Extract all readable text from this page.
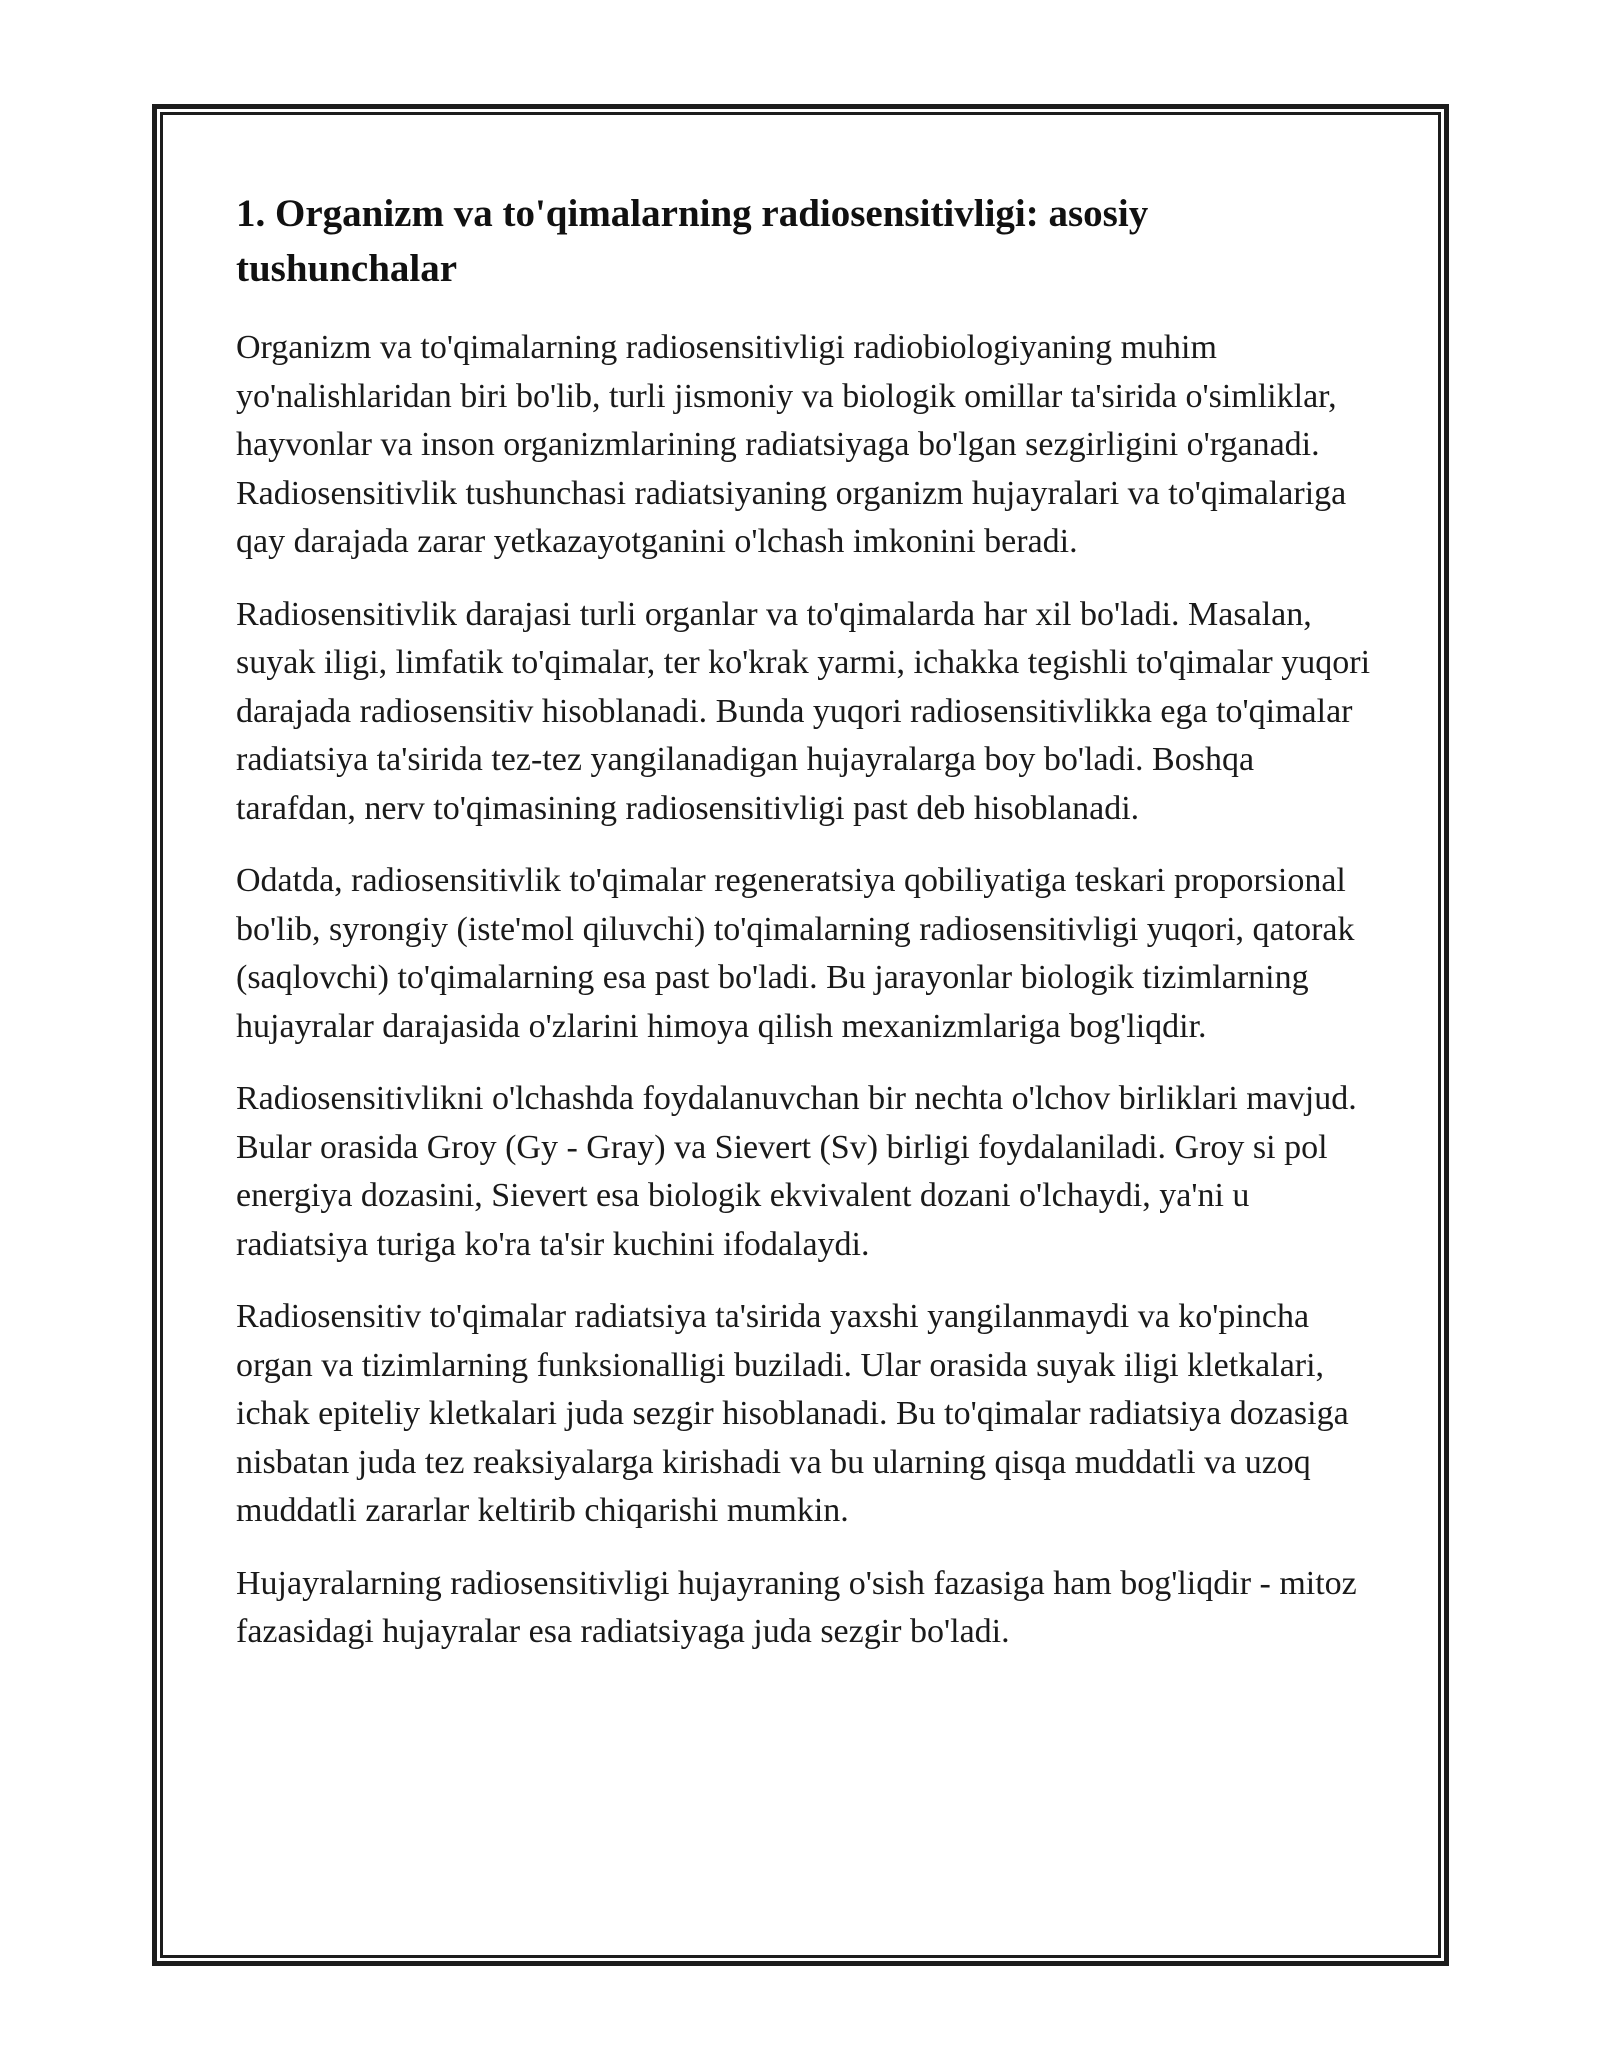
1. Organizm va to'qimalarning radiosensitivligi: asosiy tushunchalar

Organizm va to'qimalarning radiosensitivligi radiobiologiyaning muhim yo'nalishlaridan biri bo'lib, turli jismoniy va biologik omillar ta'sirida o'simliklar, hayvonlar va inson organizmlarining radiatsiyaga bo'lgan sezgirligini o'rganadi. Radiosensitivlik tushunchasi radiatsiyaning organizm hujayralari va to'qimalariga qay darajada zarar yetkazayotganini o'lchash imkonini beradi.

Radiosensitivlik darajasi turli organlar va to'qimalarda har xil bo'ladi. Masalan, suyak iligi, limfatik to'qimalar, ter ko'krak yarmi, ichakka tegishli to'qimalar yuqori darajada radiosensitiv hisoblanadi. Bunda yuqori radiosensitivlikka ega to'qimalar radiatsiya ta'sirida tez-tez yangilanadigan hujayralarga boy bo'ladi. Boshqa tarafdan, nerv to'qimasining radiosensitivligi past deb hisoblanadi.

Odatda, radiosensitivlik to'qimalar regeneratsiya qobiliyatiga teskari proporsional bo'lib, syrongiy (iste'mol qiluvchi) to'qimalarning radiosensitivligi yuqori, qatorak (saqlovchi) to'qimalarning esa past bo'ladi. Bu jarayonlar biologik tizimlarning hujayralar darajasida o'zlarini himoya qilish mexanizmlariga bog'liqdir.

Radiosensitivlikni o'lchashda foydalanuvchan bir nechta o'lchov birliklari mavjud. Bular orasida Groy (Gy - Gray) va Sievert (Sv) birligi foydalaniladi. Groy si pol energiya dozasini, Sievert esa biologik ekvivalent dozani o'lchaydi, ya'ni u radiatsiya turiga ko'ra ta'sir kuchini ifodalaydi.

Radiosensitiv to'qimalar radiatsiya ta'sirida yaxshi yangilanmaydi va ko'pincha organ va tizimlarning funksionalligi buziladi. Ular orasida suyak iligi kletkalari, ichak epiteliy kletkalari juda sezgir hisoblanadi. Bu to'qimalar radiatsiya dozasiga nisbatan juda tez reaksiyalarga kirishadi va bu ularning qisqa muddatli va uzoq muddatli zararlar keltirib chiqarishi mumkin.

Hujayralarning radiosensitivligi hujayraning o'sish fazasiga ham bog'liqdir - mitoz fazasidagi hujayralar esa radiatsiyaga juda sezgir bo'ladi.
